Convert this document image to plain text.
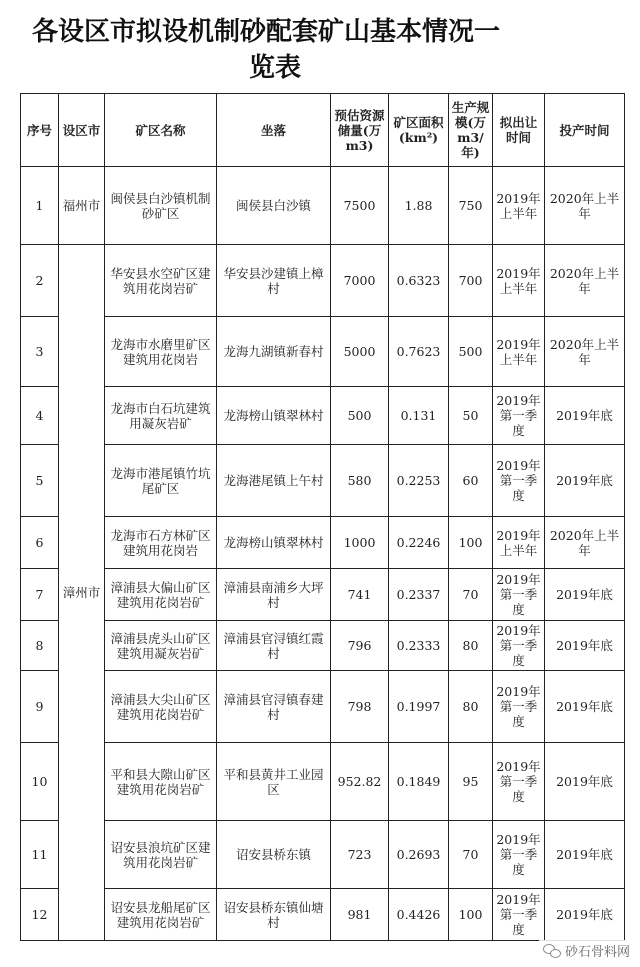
各设区市拟设机制砂配套矿山基本情况一
览表
序号	设区市	矿区名称	坐落	预估资源储量(万m3)	矿区面积(km²)	生产规模(万m3/年)	拟出让时间	投产时间
1	福州市	闽侯县白沙镇机制砂矿区	闽侯县白沙镇	7500	1.88	750	2019年上半年	2020年上半年
2	漳州市	华安县水空矿区建筑用花岗岩矿	华安县沙建镇上樟村	7000	0.6323	700	2019年上半年	2020年上半年
3		龙海市水磨里矿区建筑用花岗岩	龙海九湖镇新春村	5000	0.7623	500	2019年上半年	2020年上半年
4		龙海市白石坑建筑用凝灰岩矿	龙海榜山镇翠林村	500	0.131	50	2019年第一季度	2019年底
5		龙海市港尾镇竹坑尾矿区	龙海港尾镇上午村	580	0.2253	60	2019年第一季度	2019年底
6		龙海市石方林矿区建筑用花岗岩	龙海榜山镇翠林村	1000	0.2246	100	2019年上半年	2020年上半年
7		漳浦县大偏山矿区建筑用花岗岩矿	漳浦县南浦乡大坪村	741	0.2337	70	2019年第一季度	2019年底
8		漳浦县虎头山矿区建筑用凝灰岩矿	漳浦县官浔镇红霞村	796	0.2333	80	2019年第一季度	2019年底
9		漳浦县大尖山矿区建筑用花岗岩矿	漳浦县官浔镇春建村	798	0.1997	80	2019年第一季度	2019年底
10		平和县大隙山矿区建筑用花岗岩矿	平和县黄井工业园区	952.82	0.1849	95	2019年第一季度	2019年底
11		诏安县浪坑矿区建筑用花岗岩矿	诏安县桥东镇	723	0.2693	70	2019年第一季度	2019年底
12		诏安县龙船尾矿区建筑用花岗岩矿	诏安县桥东镇仙塘村	981	0.4426	100	2019年第一季度	2019年底
砂石骨料网
